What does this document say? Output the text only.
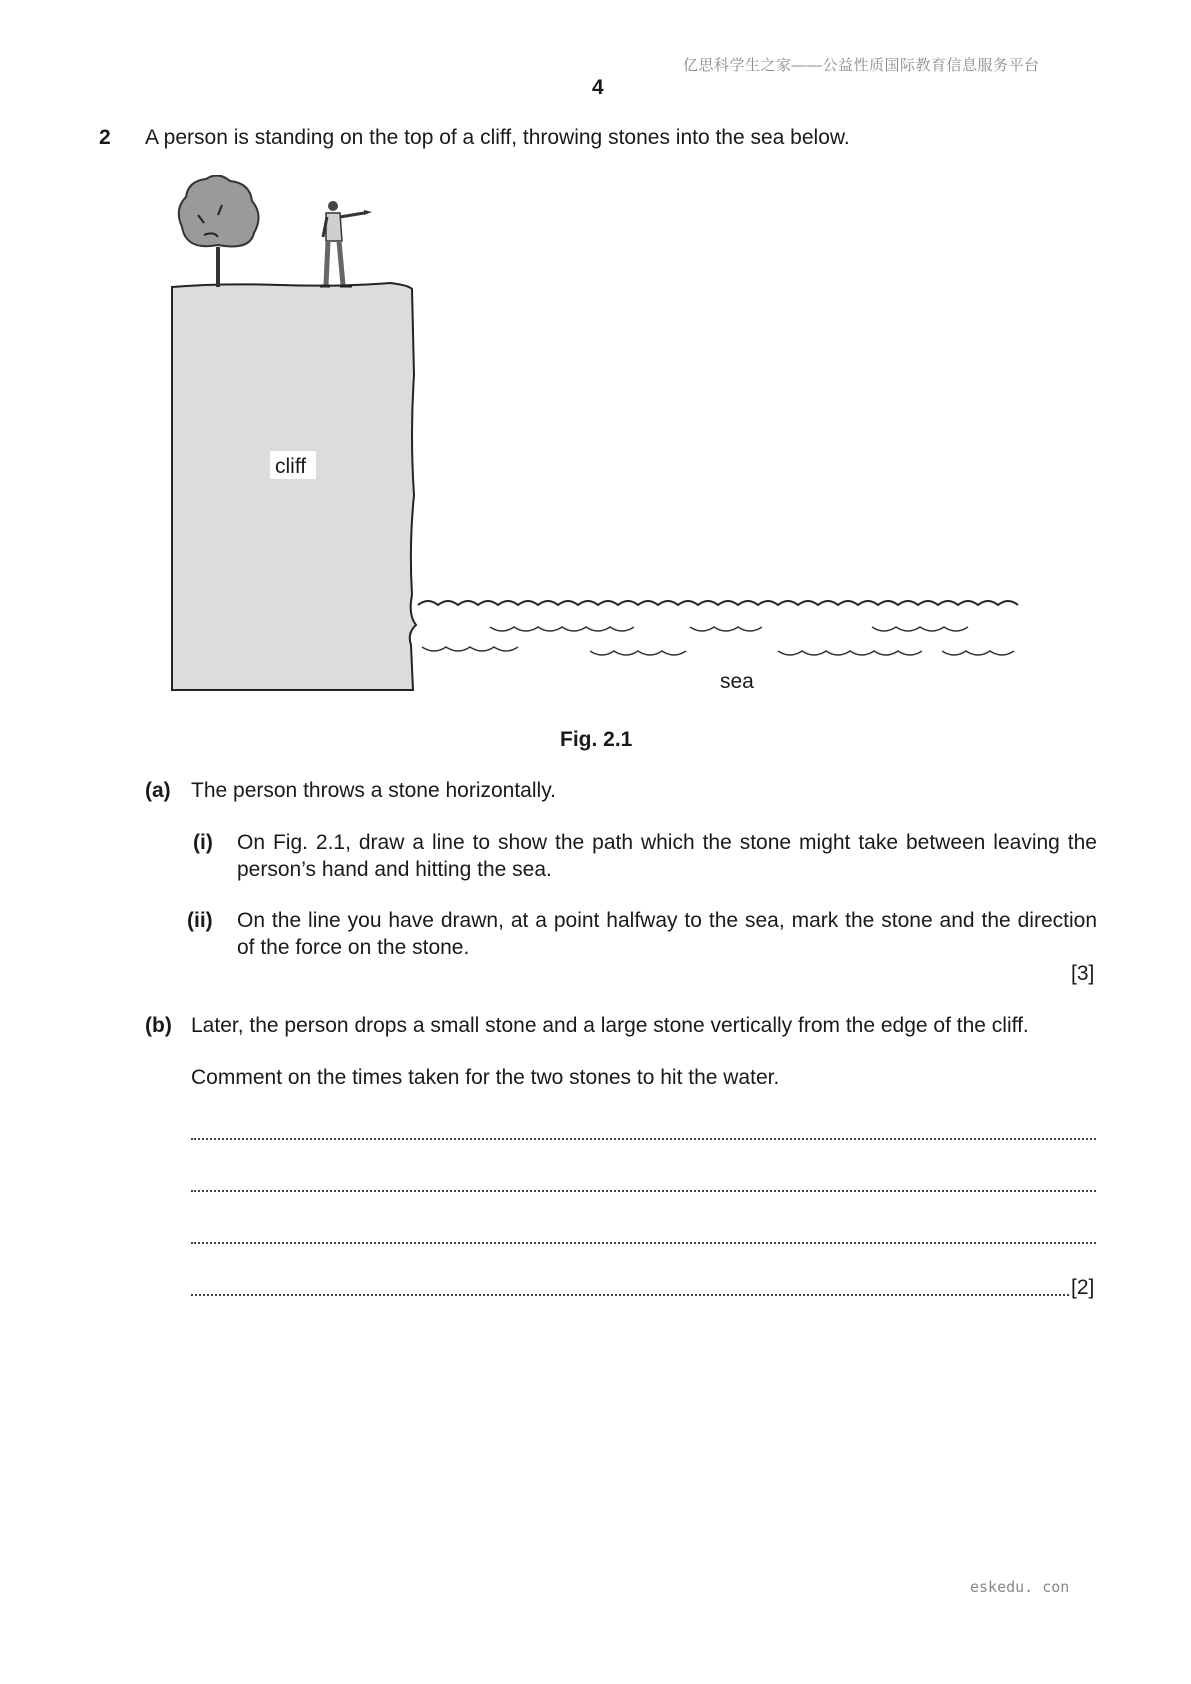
亿思科学生之家——公益性质国际教育信息服务平台
4
2 A person is standing on the top of a cliff, throwing stones into the sea below.
cliff
sea
Fig. 2.1
(a) The person throws a stone horizontally.
(i) On Fig. 2.1, draw a line to show the path which the stone might take between leaving the person’s hand and hitting the sea.
(ii) On the line you have drawn, at a point halfway to the sea, mark the stone and the direction of the force on the stone.
[3]
(b) Later, the person drops a small stone and a large stone vertically from the edge of the cliff.
Comment on the times taken for the two stones to hit the water.
[2]
eskedu. con
